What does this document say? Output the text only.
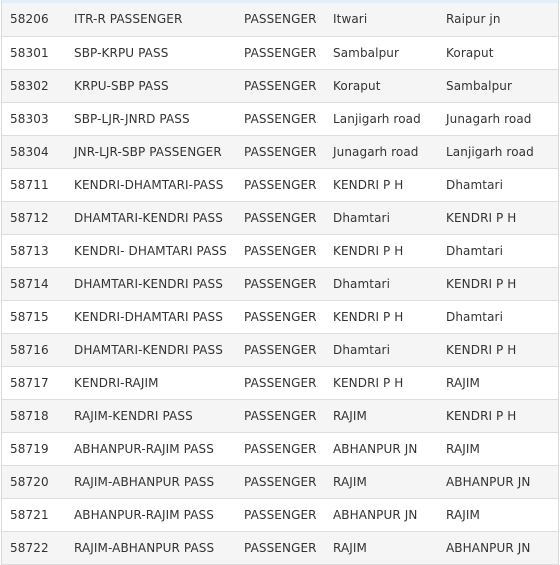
58206	ITR-R PASSENGER	PASSENGER	Itwari	Raipur jn
58301	SBP-KRPU PASS	PASSENGER	Sambalpur	Koraput
58302	KRPU-SBP PASS	PASSENGER	Koraput	Sambalpur
58303	SBP-LJR-JNRD PASS	PASSENGER	Lanjigarh road	Junagarh road
58304	JNR-LJR-SBP PASSENGER	PASSENGER	Junagarh road	Lanjigarh road
58711	KENDRI-DHAMTARI-PASS	PASSENGER	KENDRI P H	Dhamtari
58712	DHAMTARI-KENDRI PASS	PASSENGER	Dhamtari	KENDRI P H
58713	KENDRI- DHAMTARI PASS	PASSENGER	KENDRI P H	Dhamtari
58714	DHAMTARI-KENDRI PASS	PASSENGER	Dhamtari	KENDRI P H
58715	KENDRI-DHAMTARI PASS	PASSENGER	KENDRI P H	Dhamtari
58716	DHAMTARI-KENDRI PASS	PASSENGER	Dhamtari	KENDRI P H
58717	KENDRI-RAJIM	PASSENGER	KENDRI P H	RAJIM
58718	RAJIM-KENDRI PASS	PASSENGER	RAJIM	KENDRI P H
58719	ABHANPUR-RAJIM PASS	PASSENGER	ABHANPUR JN	RAJIM
58720	RAJIM-ABHANPUR PASS	PASSENGER	RAJIM	ABHANPUR JN
58721	ABHANPUR-RAJIM PASS	PASSENGER	ABHANPUR JN	RAJIM
58722	RAJIM-ABHANPUR PASS	PASSENGER	RAJIM	ABHANPUR JN
